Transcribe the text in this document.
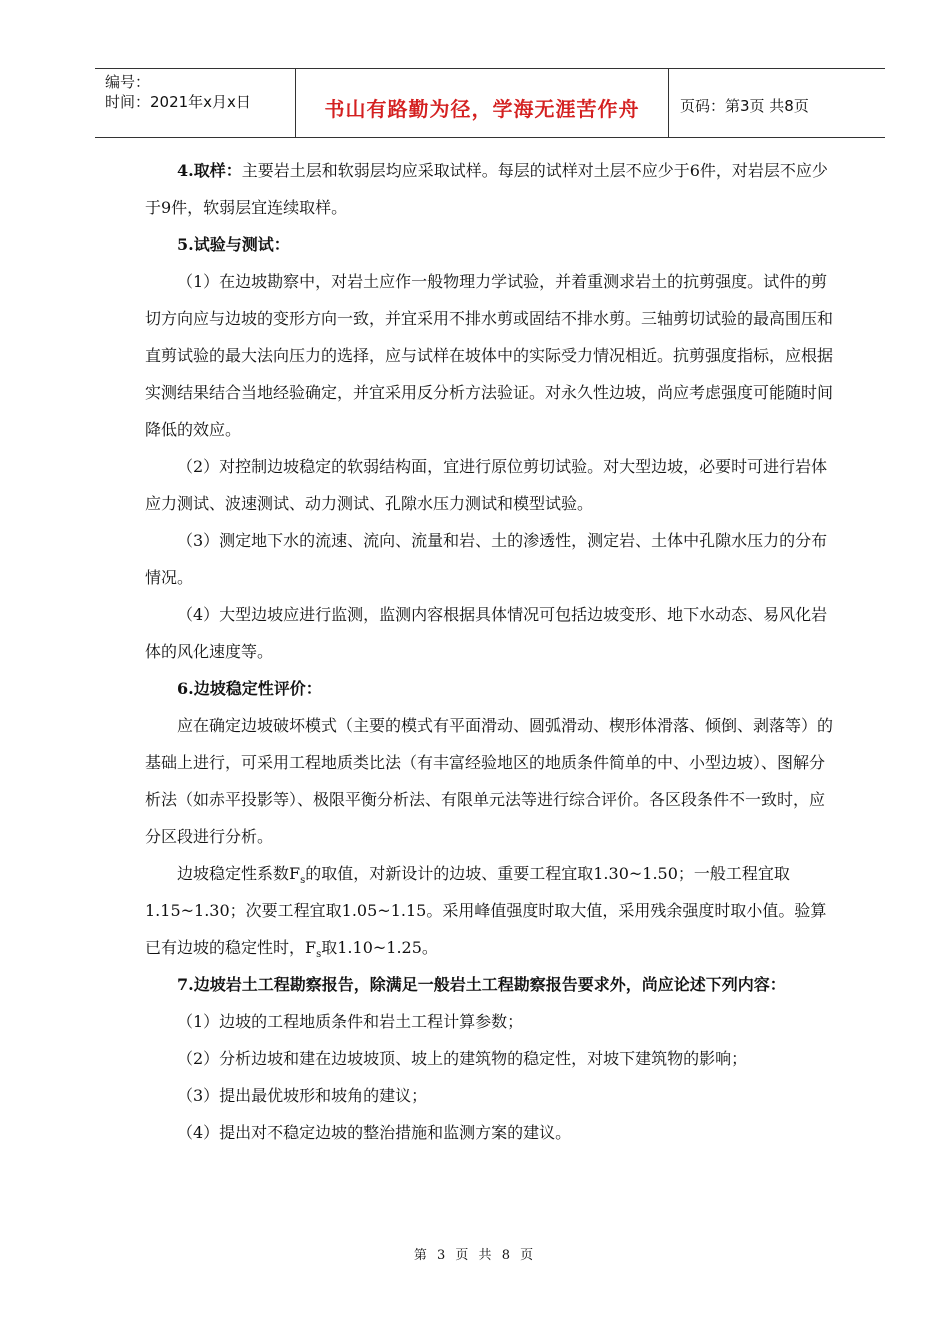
编号：
时间：2021年x月x日	书山有路勤为径，学海无涯苦作舟	页码：第3页 共8页

4.取样：主要岩土层和软弱层均应采取试样。每层的试样对土层不应少于6件，对岩层不应少于9件，软弱层宜连续取样。

5.试验与测试：

（1）在边坡勘察中，对岩土应作一般物理力学试验，并着重测求岩土的抗剪强度。试件的剪切方向应与边坡的变形方向一致，并宜采用不排水剪或固结不排水剪。三轴剪切试验的最高围压和直剪试验的最大法向压力的选择，应与试样在坡体中的实际受力情况相近。抗剪强度指标，应根据实测结果结合当地经验确定，并宜采用反分析方法验证。对永久性边坡，尚应考虑强度可能随时间降低的效应。

（2）对控制边坡稳定的软弱结构面，宜进行原位剪切试验。对大型边坡，必要时可进行岩体应力测试、波速测试、动力测试、孔隙水压力测试和模型试验。

（3）测定地下水的流速、流向、流量和岩、土的渗透性，测定岩、土体中孔隙水压力的分布情况。

（4）大型边坡应进行监测，监测内容根据具体情况可包括边坡变形、地下水动态、易风化岩体的风化速度等。

6.边坡稳定性评价：

应在确定边坡破坏模式（主要的模式有平面滑动、圆弧滑动、楔形体滑落、倾倒、剥落等）的基础上进行，可采用工程地质类比法（有丰富经验地区的地质条件简单的中、小型边坡）、图解分析法（如赤平投影等）、极限平衡分析法、有限单元法等进行综合评价。各区段条件不一致时，应分区段进行分析。

边坡稳定性系数$F_s$的取值，对新设计的边坡、重要工程宜取1.30~1.50；一般工程宜取1.15~1.30；次要工程宜取1.05~1.15。采用峰值强度时取大值，采用残余强度时取小值。验算已有边坡的稳定性时，$F_s$取1.10~1.25。

7.边坡岩土工程勘察报告，除满足一般岩土工程勘察报告要求外，尚应论述下列内容：

（1）边坡的工程地质条件和岩土工程计算参数；

（2）分析边坡和建在边坡坡顶、坡上的建筑物的稳定性，对坡下建筑物的影响；

（3）提出最优坡形和坡角的建议；

（4）提出对不稳定边坡的整治措施和监测方案的建议。

第 3 页 共 8 页
